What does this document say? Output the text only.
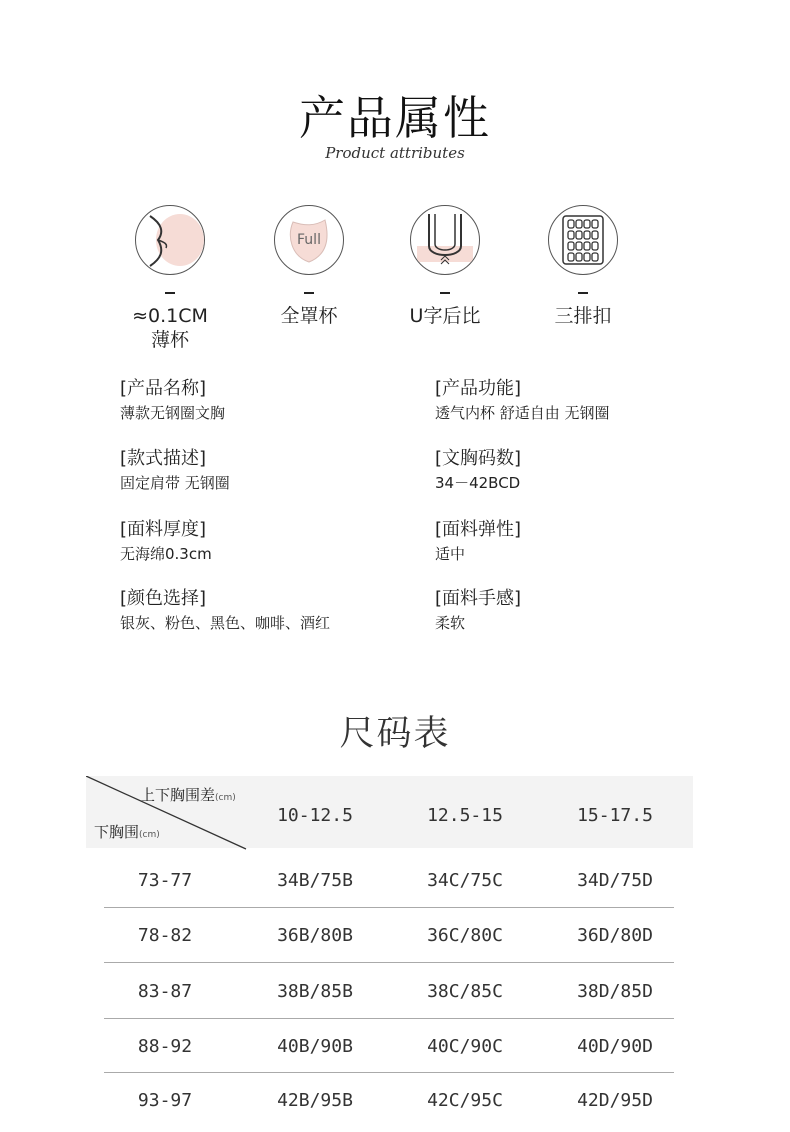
产品属性
Product attributes
≈0.1CM
薄杯
Full
全罩杯	U字后比	三排扣
[产品名称]
薄款无钢圈文胸
[产品功能]
透气内杯 舒适自由 无钢圈
[款式描述]
固定肩带 无钢圈
[文胸码数]
34－42BCD
[面料厚度]
无海绵0.3cm
[面料弹性]
适中
[颜色选择]
银灰、粉色、黑色、咖啡、酒红
[面料手感]
柔软
尺码表
上下胸围差(cm)
下胸围(cm)
10-12.5	12.5-15	15-17.5
73-77	34B/75B	34C/75C	34D/75D
78-82	36B/80B	36C/80C	36D/80D
83-87	38B/85B	38C/85C	38D/85D
88-92	40B/90B	40C/90C	40D/90D
93-97	42B/95B	42C/95C	42D/95D
